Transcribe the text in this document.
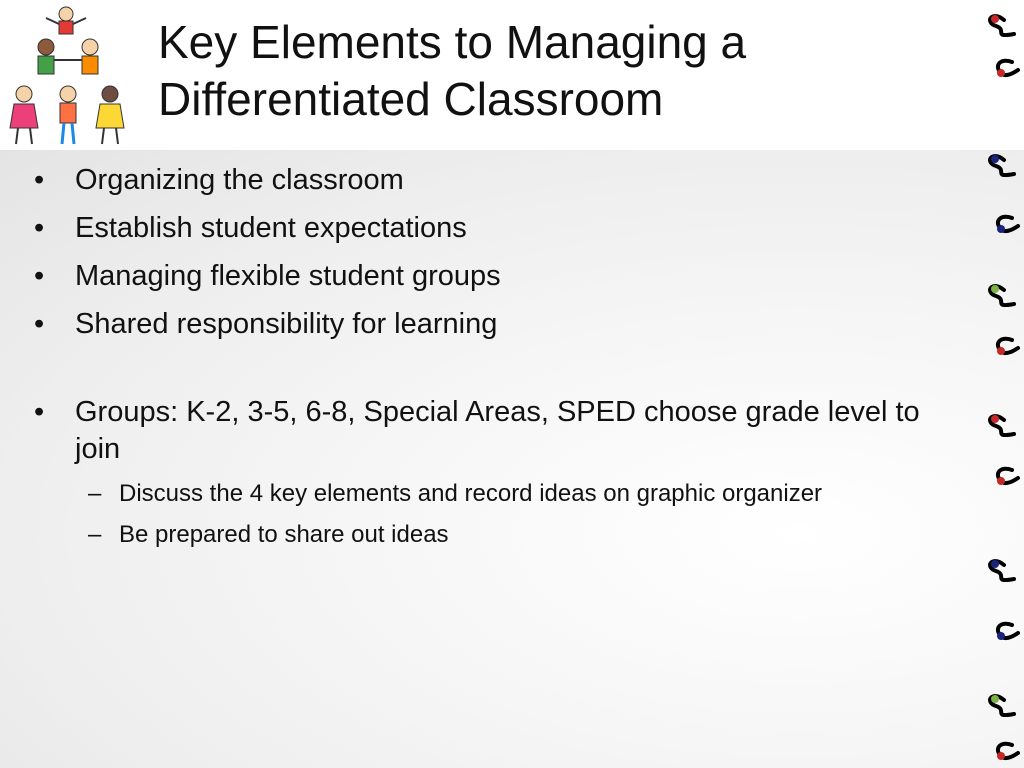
Key Elements to Managing a
Differentiated Classroom
• Organizing the classroom
• Establish student expectations
• Managing flexible student groups
• Shared responsibility for learning
• Groups: K-2, 3-5, 6-8, Special Areas, SPED choose grade level to join
– Discuss the 4 key elements and record ideas on graphic organizer
– Be prepared to share out ideas
